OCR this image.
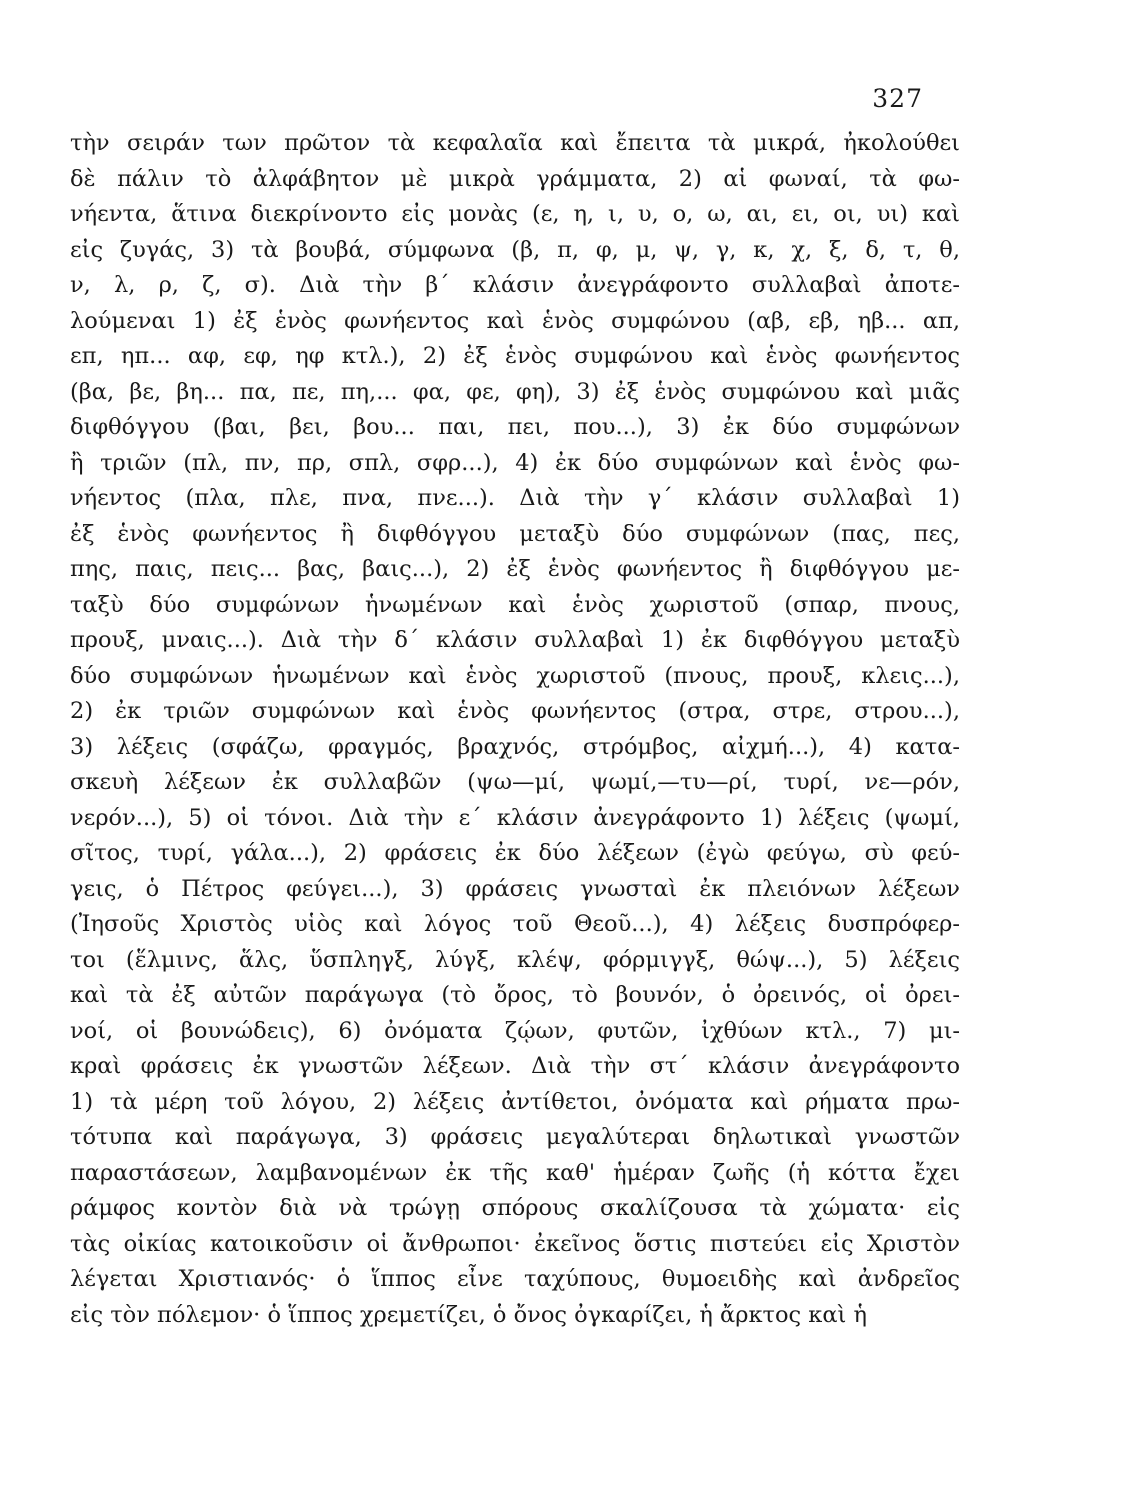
327
τὴν σειράν των πρῶτον τὰ κεφαλαῖα καὶ ἔπειτα τὰ μικρά, ἠκολούθει
δὲ πάλιν τὸ ἀλφάβητον μὲ μικρὰ γράμματα, 2) αἱ φωναί, τὰ φω-
νήεντα, ἅτινα διεκρίνοντο εἰς μονὰς (ε, η, ι, υ, ο, ω, αι, ει, οι, υι) καὶ
εἰς ζυγάς, 3) τὰ βουβά, σύμφωνα (β, π, φ, μ, ψ, γ, κ, χ, ξ, δ, τ, θ,
ν, λ, ρ, ζ, σ). Διὰ τὴν β΄ κλάσιν ἀνεγράφοντο συλλαβαὶ ἀποτε-
λούμεναι 1) ἐξ ἑνὸς φωνήεντος καὶ ἑνὸς συμφώνου (αβ, εβ, ηβ... απ,
επ, ηπ... αφ, εφ, ηφ κτλ.), 2) ἐξ ἑνὸς συμφώνου καὶ ἑνὸς φωνήεντος
(βα, βε, βη... πα, πε, πη,... φα, φε, φη), 3) ἐξ ἑνὸς συμφώνου καὶ μιᾶς
διφθόγγου (βαι, βει, βου... παι, πει, που...), 3) ἐκ δύο συμφώνων
ἢ τριῶν (πλ, πν, πρ, σπλ, σφρ...), 4) ἐκ δύο συμφώνων καὶ ἑνὸς φω-
νήεντος (πλα, πλε, πνα, πνε...). Διὰ τὴν γ΄ κλάσιν συλλαβαὶ 1)
ἐξ ἑνὸς φωνήεντος ἢ διφθόγγου μεταξὺ δύο συμφώνων (πας, πες,
πης, παις, πεις... βας, βαις...), 2) ἐξ ἑνὸς φωνήεντος ἢ διφθόγγου με-
ταξὺ δύο συμφώνων ἡνωμένων καὶ ἑνὸς χωριστοῦ (σπαρ, πνους,
προυξ, μναις...). Διὰ τὴν δ΄ κλάσιν συλλαβαὶ 1) ἐκ διφθόγγου μεταξὺ
δύο συμφώνων ἡνωμένων καὶ ἑνὸς χωριστοῦ (πνους, προυξ, κλεις...),
2) ἐκ τριῶν συμφώνων καὶ ἑνὸς φωνήεντος (στρα, στρε, στρου...),
3) λέξεις (σφάζω, φραγμός, βραχνός, στρόμβος, αἰχμή...), 4) κατα-
σκευὴ λέξεων ἐκ συλλαβῶν (ψω—μί, ψωμί,—τυ—ρί, τυρί, νε—ρόν,
νερόν...), 5) οἱ τόνοι. Διὰ τὴν ε΄ κλάσιν ἀνεγράφοντο 1) λέξεις (ψωμί,
σῖτος, τυρί, γάλα...), 2) φράσεις ἐκ δύο λέξεων (ἐγὼ φεύγω, σὺ φεύ-
γεις, ὁ Πέτρος φεύγει...), 3) φράσεις γνωσταὶ ἐκ πλειόνων λέξεων
(Ἰησοῦς Χριστὸς υἱὸς καὶ λόγος τοῦ Θεοῦ...), 4) λέξεις δυσπρόφερ-
τοι (ἕλμινς, ἅλς, ὕσπληγξ, λύγξ, κλέψ, φόρμιγγξ, θώψ...), 5) λέξεις
καὶ τὰ ἐξ αὐτῶν παράγωγα (τὸ ὄρος, τὸ βουνόν, ὁ ὀρεινός, οἱ ὀρει-
νοί, οἱ βουνώδεις), 6) ὀνόματα ζῴων, φυτῶν, ἰχθύων κτλ., 7) μι-
κραὶ φράσεις ἐκ γνωστῶν λέξεων. Διὰ τὴν στ΄ κλάσιν ἀνεγράφοντο
1) τὰ μέρη τοῦ λόγου, 2) λέξεις ἀντίθετοι, ὀνόματα καὶ ρήματα πρω-
τότυπα καὶ παράγωγα, 3) φράσεις μεγαλύτεραι δηλωτικαὶ γνωστῶν
παραστάσεων, λαμβανομένων ἐκ τῆς καθ' ἡμέραν ζωῆς (ἡ κόττα ἔχει
ράμφος κοντὸν διὰ νὰ τρώγῃ σπόρους σκαλίζουσα τὰ χώματα· εἰς
τὰς οἰκίας κατοικοῦσιν οἱ ἄνθρωποι· ἐκεῖνος ὅστις πιστεύει εἰς Χριστὸν
λέγεται Χριστιανός· ὁ ἵππος εἶνε ταχύπους, θυμοειδὴς καὶ ἀνδρεῖος
εἰς τὸν πόλεμον· ὁ ἵππος χρεμετίζει, ὁ ὄνος ὀγκαρίζει, ἡ ἄρκτος καὶ ἡ
